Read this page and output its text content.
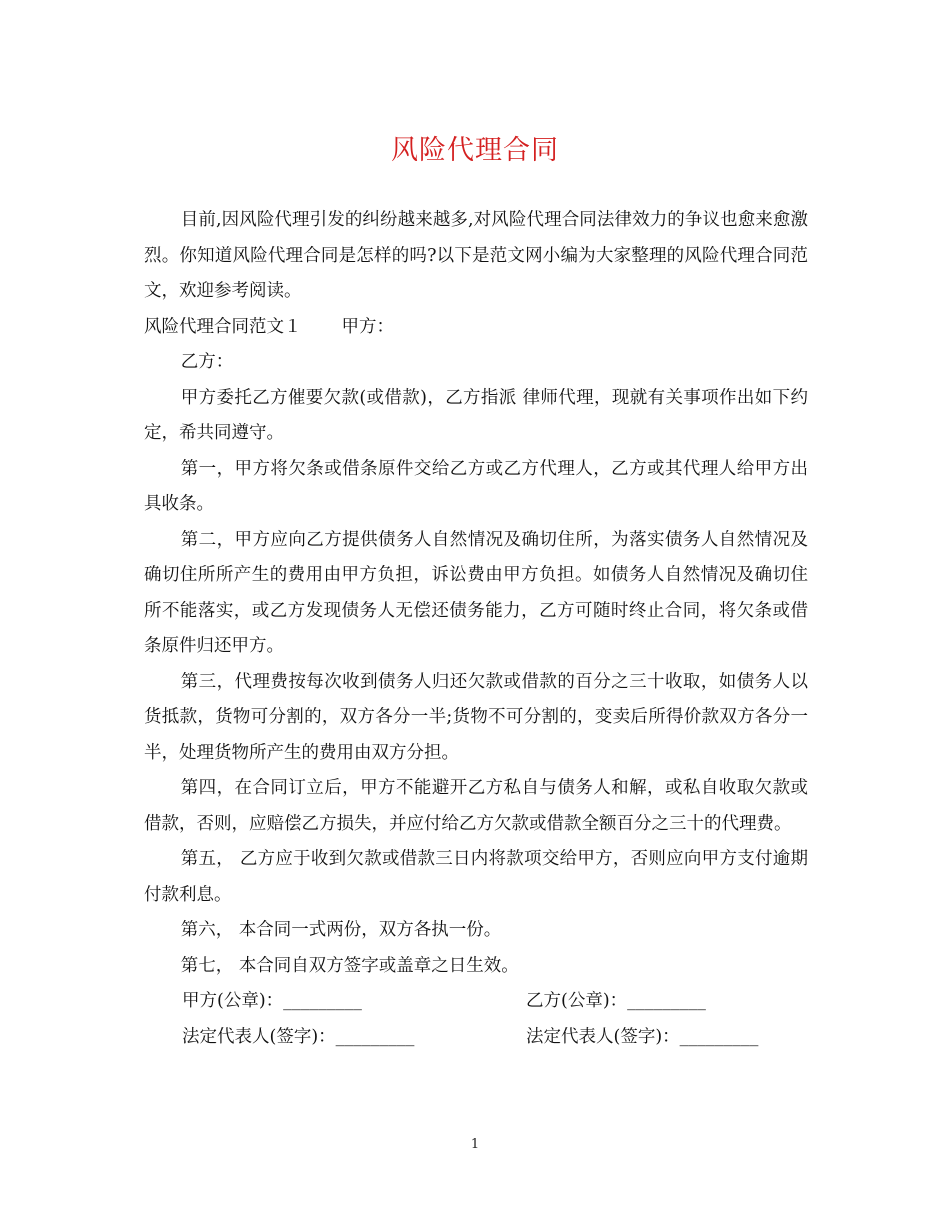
风险代理合同

目前,因风险代理引发的纠纷越来越多,对风险代理合同法律效力的争议也愈来愈激烈。你知道风险代理合同是怎样的吗?以下是范文网小编为大家整理的风险代理合同范文，欢迎参考阅读。

风险代理合同范文１ 甲方：

乙方：

甲方委托乙方催要欠款(或借款)，乙方指派 律师代理，现就有关事项作出如下约定，希共同遵守。

第一，甲方将欠条或借条原件交给乙方或乙方代理人，乙方或其代理人给甲方出具收条。

第二，甲方应向乙方提供债务人自然情况及确切住所，为落实债务人自然情况及确切住所所产生的费用由甲方负担，诉讼费由甲方负担。如债务人自然情况及确切住所不能落实，或乙方发现债务人无偿还债务能力，乙方可随时终止合同，将欠条或借条原件归还甲方。

第三，代理费按每次收到债务人归还欠款或借款的百分之三十收取，如债务人以货抵款，货物可分割的，双方各分一半;货物不可分割的，变卖后所得价款双方各分一半，处理货物所产生的费用由双方分担。

第四，在合同订立后，甲方不能避开乙方私自与债务人和解，或私自收取欠款或借款，否则，应赔偿乙方损失，并应付给乙方欠款或借款全额百分之三十的代理费。

第五， 乙方应于收到欠款或借款三日内将款项交给甲方，否则应向甲方支付逾期付款利息。

第六， 本合同一式两份，双方各执一份。

第七， 本合同自双方签字或盖章之日生效。

甲方(公章)：_________	乙方(公章)：_________
法定代表人(签字)：_________	法定代表人(签字)：_________
1
